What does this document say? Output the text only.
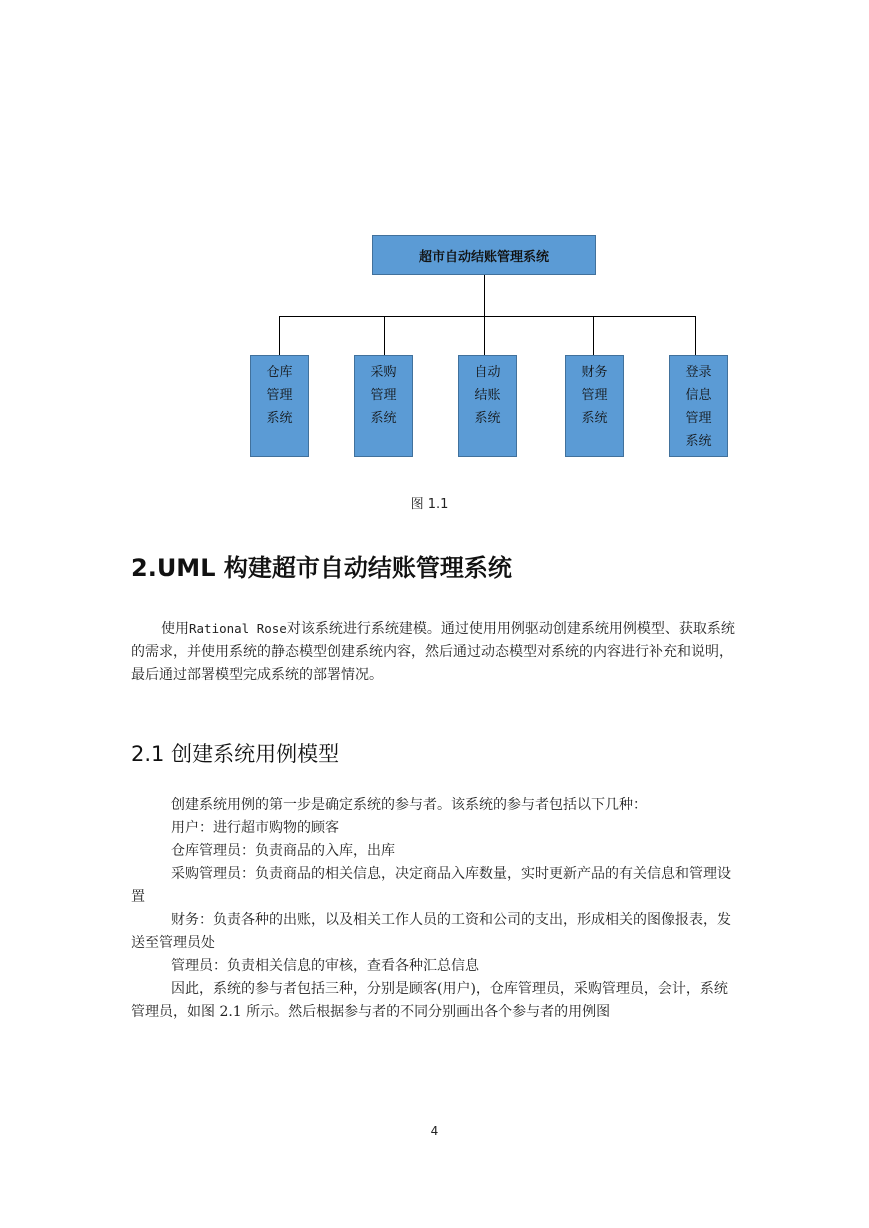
超市自动结账管理系统
仓库
管理
系统
采购
管理
系统
自动
结账
系统
财务
管理
系统
登录
信息
管理
系统
图 1.1
2.UML 构建超市自动结账管理系统

使用Rational Rose对该系统进行系统建模。通过使用用例驱动创建系统用例模型、获取系统的需求，并使用系统的静态模型创建系统内容，然后通过动态模型对系统的内容进行补充和说明，最后通过部署模型完成系统的部署情况。

2.1 创建系统用例模型

创建系统用例的第一步是确定系统的参与者。该系统的参与者包括以下几种：

用户：进行超市购物的顾客

仓库管理员：负责商品的入库，出库

采购管理员：负责商品的相关信息，决定商品入库数量，实时更新产品的有关信息和管理设置

财务：负责各种的出账，以及相关工作人员的工资和公司的支出，形成相关的图像报表，发送至管理员处

管理员：负责相关信息的审核，查看各种汇总信息

因此，系统的参与者包括三种，分别是顾客(用户)，仓库管理员，采购管理员，会计，系统管理员，如图 2.1 所示。然后根据参与者的不同分别画出各个参与者的用例图

4
